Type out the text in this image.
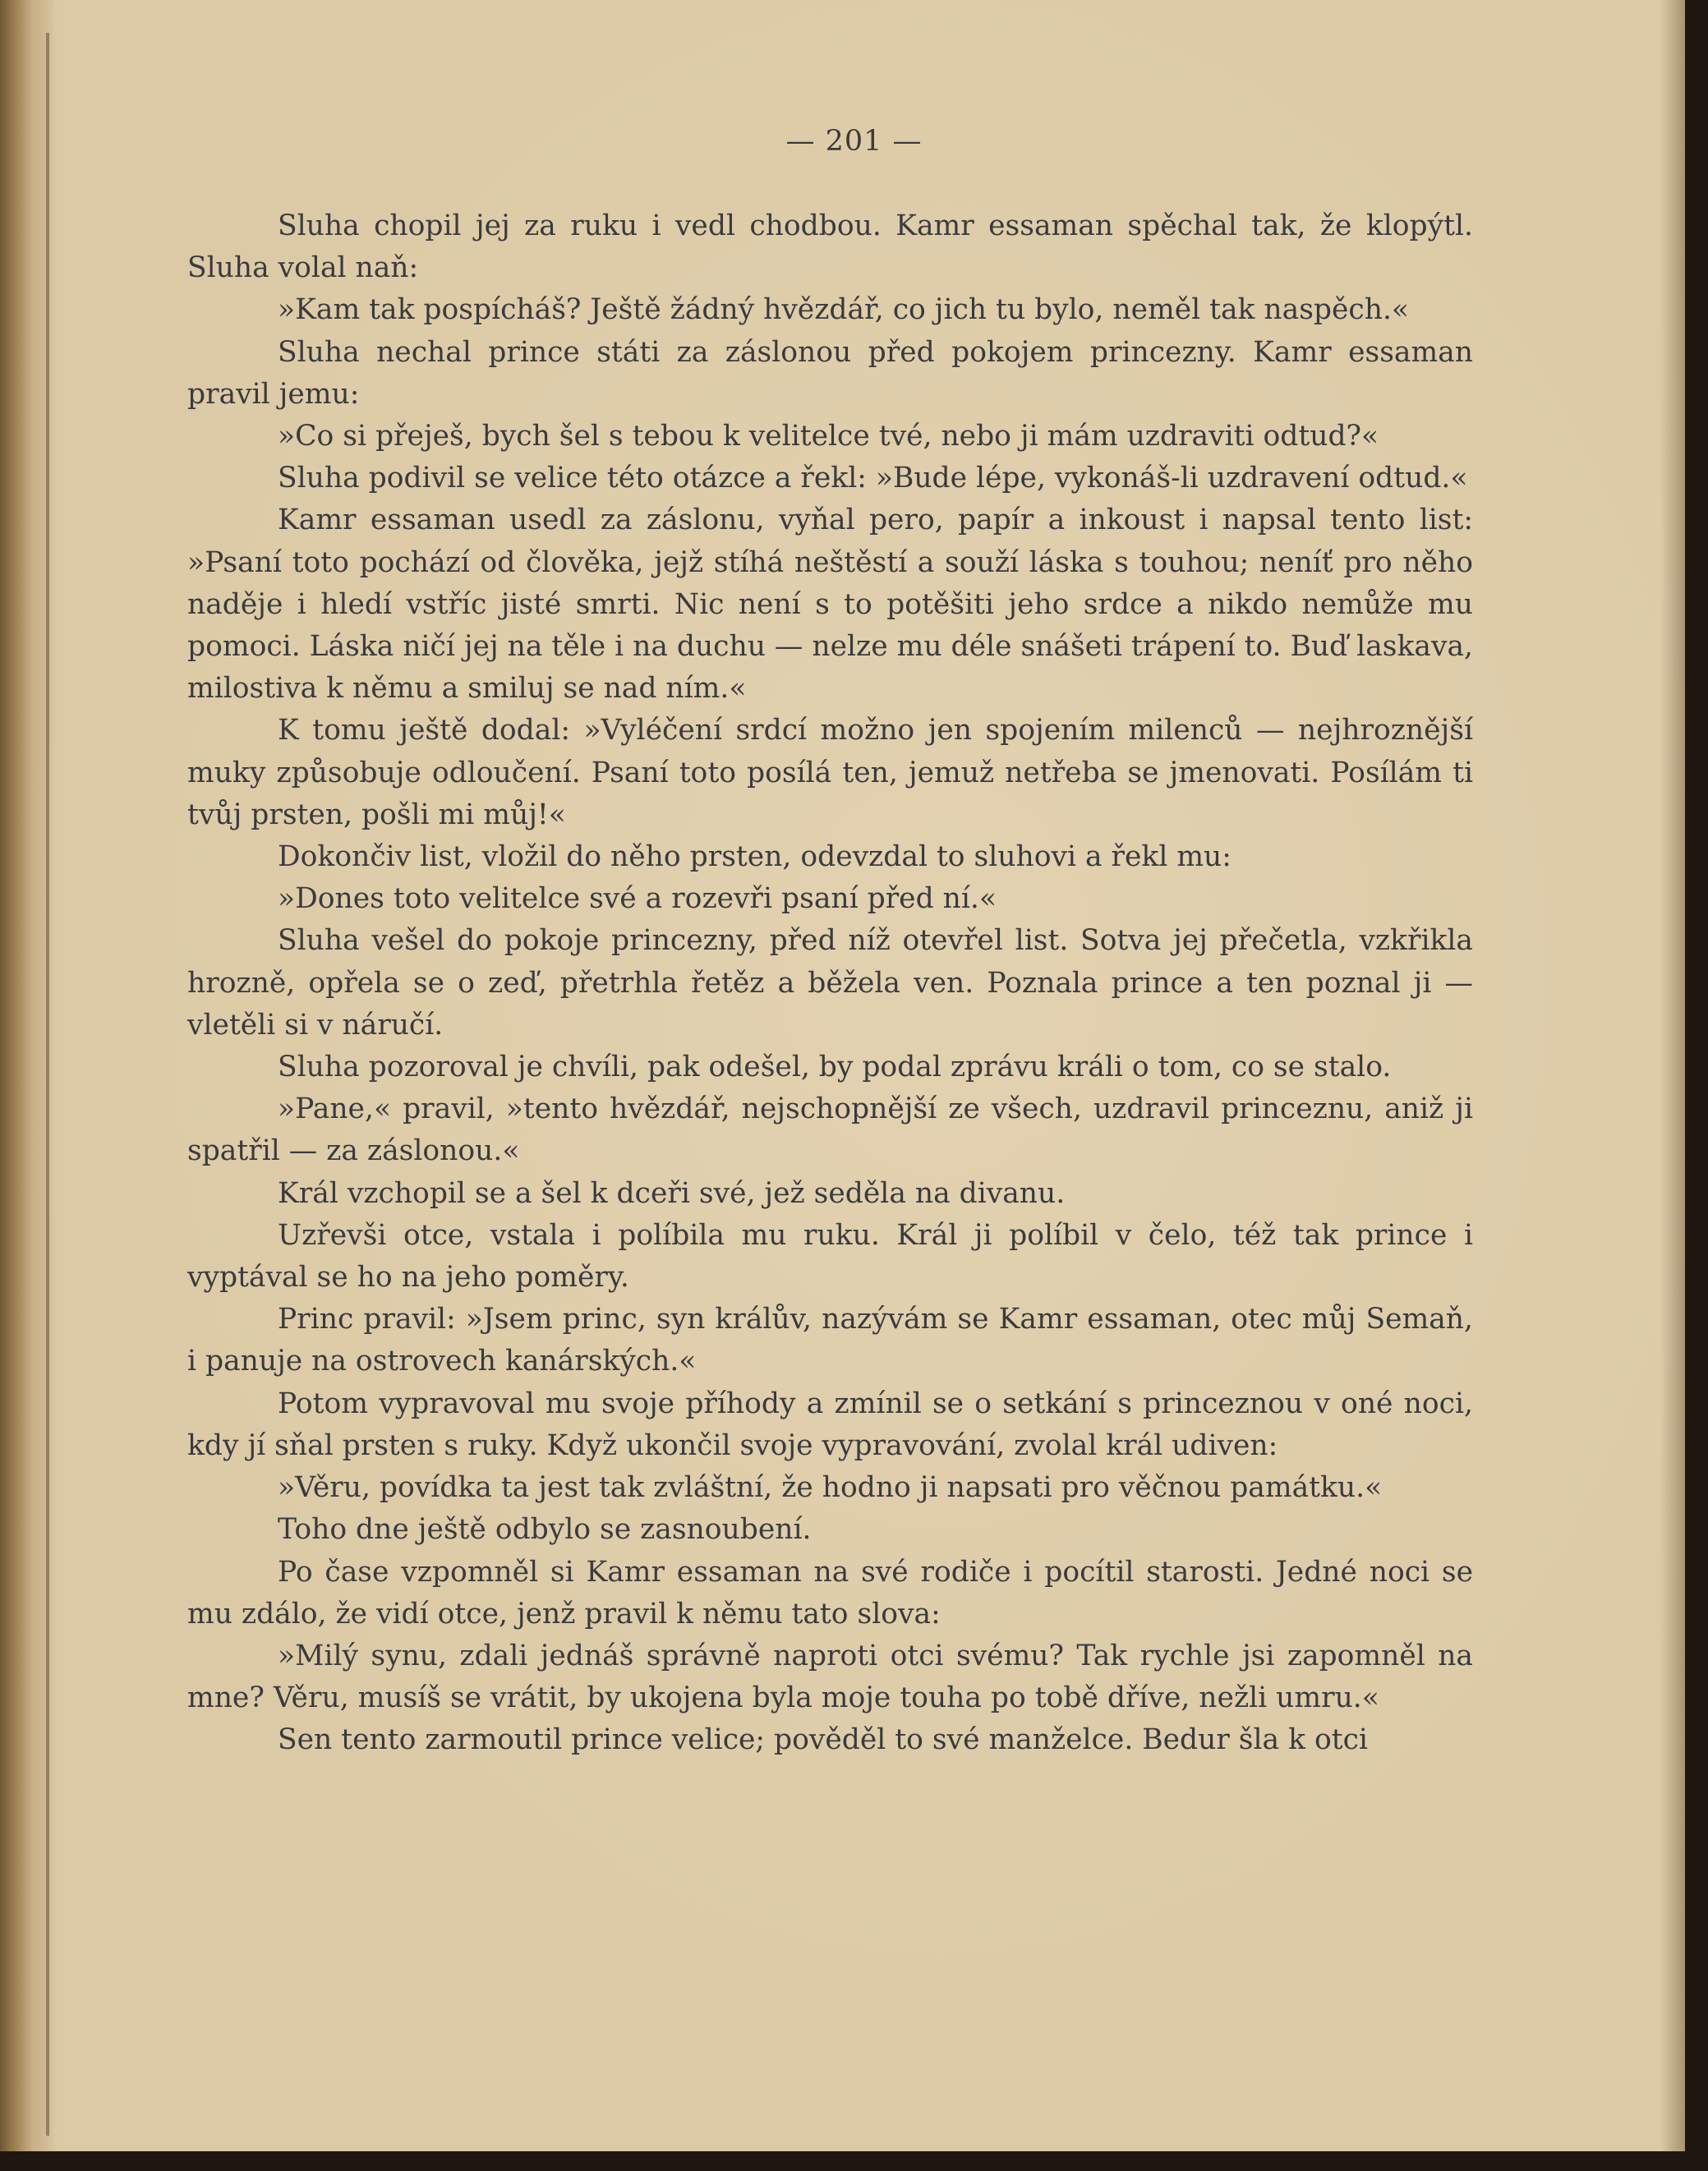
— 201 —

Sluha chopil jej za ruku i vedl chodbou. Kamr essaman spěchal tak, že klopýtl. Sluha volal naň:

»Kam tak pospícháš? Ještě žádný hvězdář, co jich tu bylo, neměl tak naspěch.«

Sluha nechal prince státi za záslonou před pokojem princezny. Kamr essaman pravil jemu:

»Co si přeješ, bych šel s tebou k velitelce tvé, nebo ji mám uzdraviti odtud?«

Sluha podivil se velice této otázce a řekl: »Bude lépe, vykonáš-li uzdravení odtud.«

Kamr essaman usedl za záslonu, vyňal pero, papír a inkoust i napsal tento list: »Psaní toto pochází od člověka, jejž stíhá neštěstí a souží láska s touhou; neníť pro něho naděje i hledí vstříc jisté smrti. Nic není s to potěšiti jeho srdce a nikdo nemůže mu pomoci. Láska ničí jej na těle i na duchu — nelze mu déle snášeti trápení to. Buď laskava, milostiva k němu a smiluj se nad ním.«

K tomu ještě dodal: »Vyléčení srdcí možno jen spojením milenců — nejhroznější muky způsobuje odloučení. Psaní toto posílá ten, jemuž netřeba se jmenovati. Posílám ti tvůj prsten, pošli mi můj!«

Dokončiv list, vložil do něho prsten, odevzdal to sluhovi a řekl mu:

»Dones toto velitelce své a rozevři psaní před ní.«

Sluha vešel do pokoje princezny, před níž otevřel list. Sotva jej přečetla, vzkřikla hrozně, opřela se o zeď, přetrhla řetěz a běžela ven. Poznala prince a ten poznal ji — vletěli si v náručí.

Sluha pozoroval je chvíli, pak odešel, by podal zprávu králi o tom, co se stalo.

»Pane,« pravil, »tento hvězdář, nejschopnější ze všech, uzdravil princeznu, aniž ji spatřil — za záslonou.«

Král vzchopil se a šel k dceři své, jež seděla na divanu.

Uzřevši otce, vstala i políbila mu ruku. Král ji políbil v čelo, též tak prince i vyptával se ho na jeho poměry.

Princ pravil: »Jsem princ, syn králův, nazývám se Kamr essaman, otec můj Semaň, i panuje na ostrovech kanárských.«

Potom vypravoval mu svoje příhody a zmínil se o setkání s princeznou v oné noci, kdy jí sňal prsten s ruky. Když ukončil svoje vypravování, zvolal král udiven:

»Věru, povídka ta jest tak zvláštní, že hodno ji napsati pro věčnou památku.«

Toho dne ještě odbylo se zasnoubení.

Po čase vzpomněl si Kamr essaman na své rodiče i pocítil starosti. Jedné noci se mu zdálo, že vidí otce, jenž pravil k němu tato slova:

»Milý synu, zdali jednáš správně naproti otci svému? Tak rychle jsi zapomněl na mne? Věru, musíš se vrátit, by ukojena byla moje touha po tobě dříve, nežli umru.«

Sen tento zarmoutil prince velice; pověděl to své manželce. Bedur šla k otci
